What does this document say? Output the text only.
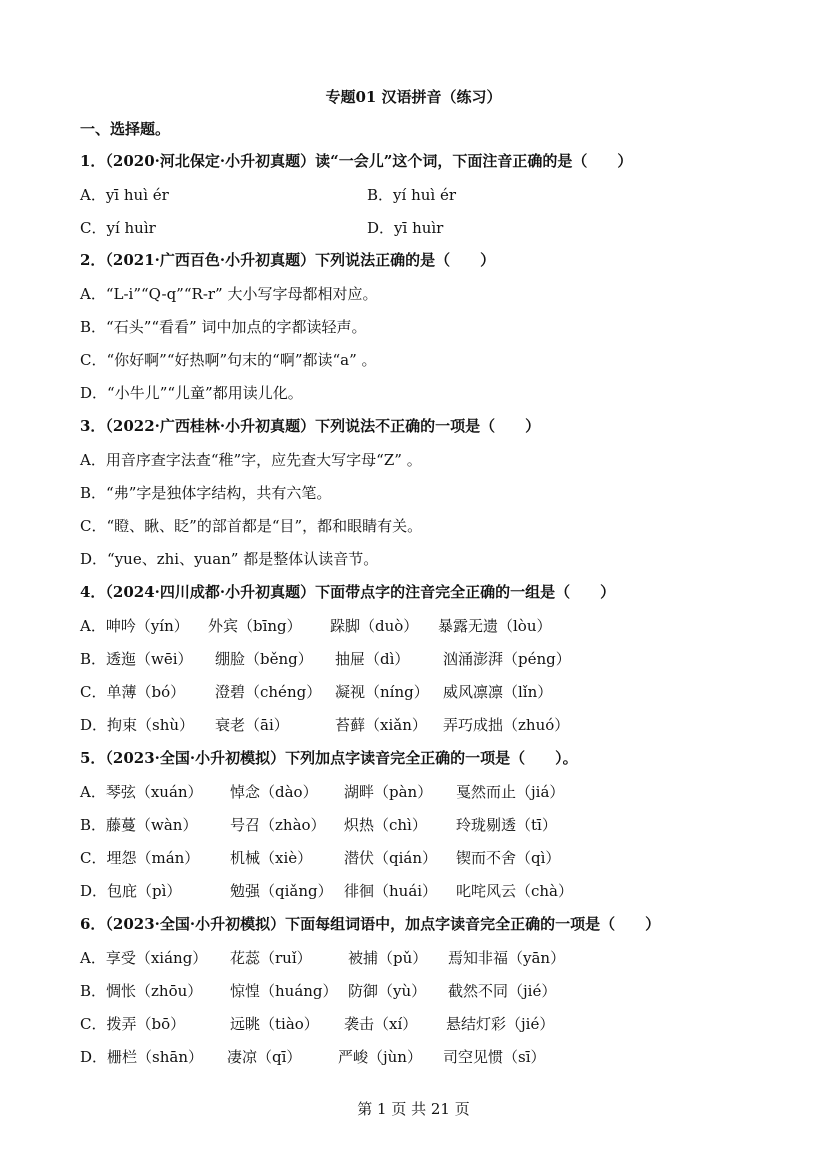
专题01 汉语拼音（练习）
一、选择题。
1．（2020·河北保定·小升初真题）读“一会儿”这个词，下面注音正确的是（　　）
A．yī huì ér	B．yí huì ér
C．yí huìr	D．yī huìr
2．（2021·广西百色·小升初真题）下列说法正确的是（　　）
A．“L-i”“Q-q”“R-r” 大小写字母都相对应。
B．“石头”“看看” 词中加点的字都读轻声。
C．“你好啊”“好热啊”句末的“啊”都读“a” 。
D．“小牛儿”“儿童”都用读儿化。
3．（2022·广西桂林·小升初真题）下列说法不正确的一项是（　　）
A．用音序查字法查“稚”字，应先查大写字母“Z” 。
B．“弗”字是独体字结构，共有六笔。
C．“瞪、瞅、眨”的部首都是“目”，都和眼睛有关。
D．“yue、zhi、yuan” 都是整体认读音节。
4．（2024·四川成都·小升初真题）下面带点字的注音完全正确的一组是（　　）
A．呻吟（yín） 外宾（bīng） 跺脚（duò） 暴露无遗（lòu）
B．透迤（wēi） 绷脸（běng） 抽屉（dì） 汹涌澎湃（péng）
C．单薄（bó） 澄碧（chéng） 凝视（níng） 威风凛凛（lǐn）
D．拘束（shù） 衰老（āi）	苔藓（xiǎn） 弄巧成拙（zhuó）
5．（2023·全国·小升初模拟）下列加点字读音完全正确的一项是（　　）。
A．琴弦（xuán） 悼念（dào） 湖畔（pàn） 戛然而止（jiá）
B．藤蔓（wàn） 号召（zhào） 炽热（chì） 玲珑剔透（tī）
C．埋怨（mán） 机械（xiè） 潜伏（qián） 锲而不舍（qì）
D．包庇（pì）	勉强（qiǎng） 徘徊（huái） 叱咤风云（chà）
6．（2023·全国·小升初模拟）下面每组词语中，加点字读音完全正确的一项是（　　）
A．享受（xiáng） 花蕊（ruǐ） 被捕（pǔ） 焉知非福（yān）
B．惆怅（zhōu） 惊惶（huáng） 防御（yù） 截然不同（jié）
C．拨弄（bō）	远眺（tiào） 袭击（xí） 悬结灯彩（jié）
D．栅栏（shān） 凄凉（qī） 严峻（jùn） 司空见惯（sī）
第 1 页 共 21 页
